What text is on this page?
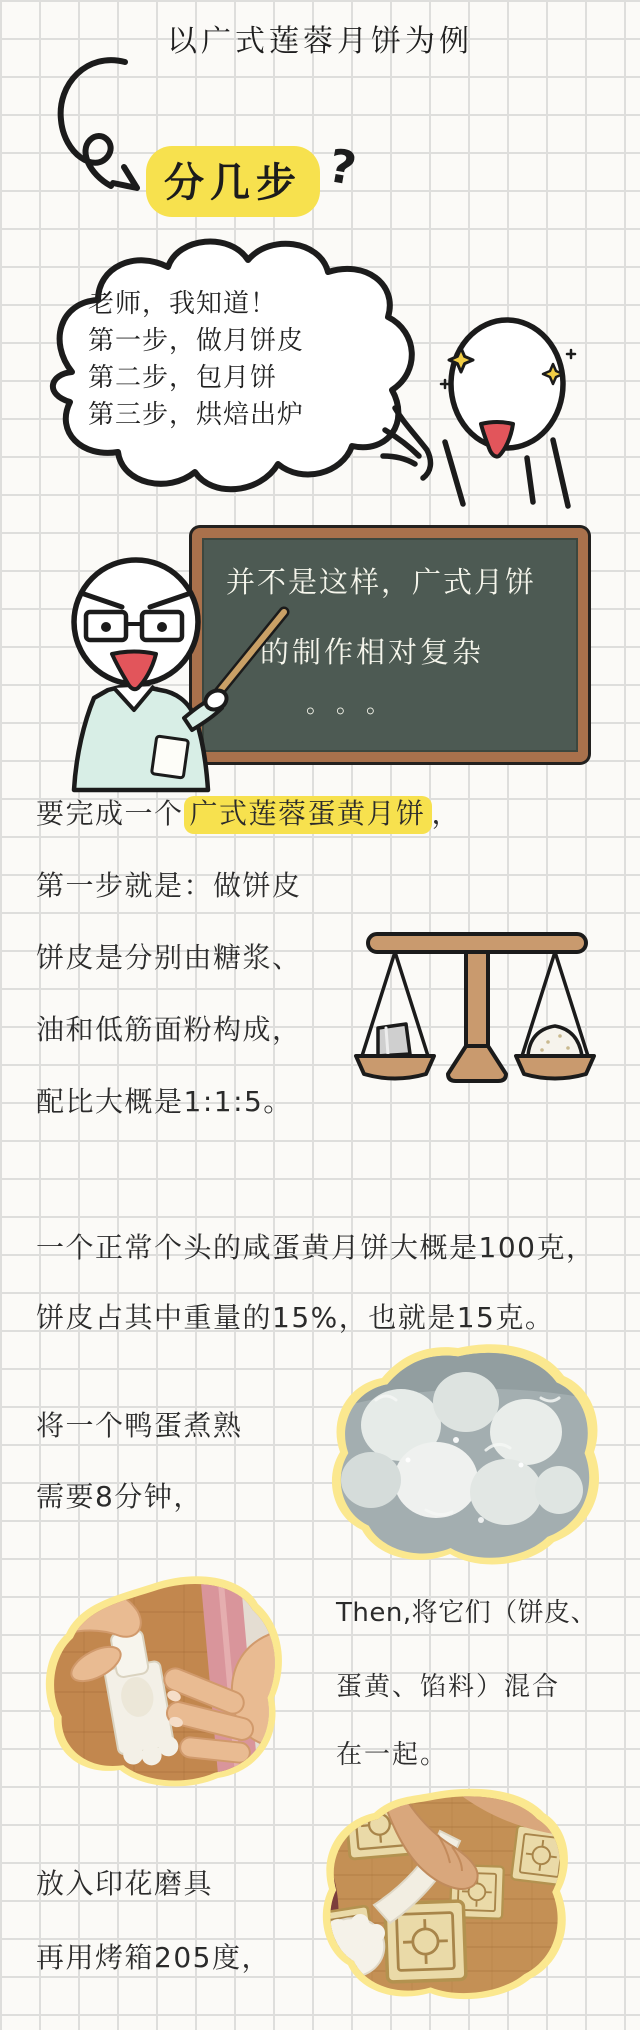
以广式莲蓉月饼为例
分几步 ?
老师，我知道！
第一步，做月饼皮
第二步，包月饼
第三步，烘焙出炉
并不是这样，广式月饼
的制作相对复杂
。。。
要完成一个 广式莲蓉蛋黄月饼 ，
第一步就是：做饼皮
饼皮是分别由糖浆、
油和低筋面粉构成，
配比大概是1:1:5。
一个正常个头的咸蛋黄月饼大概是100克，
饼皮占其中重量的15%，也就是15克。
将一个鸭蛋煮熟
需要8分钟，
Then,将它们（饼皮、
蛋黄、馅料）混合
在一起。
放入印花磨具
再用烤箱205度，
